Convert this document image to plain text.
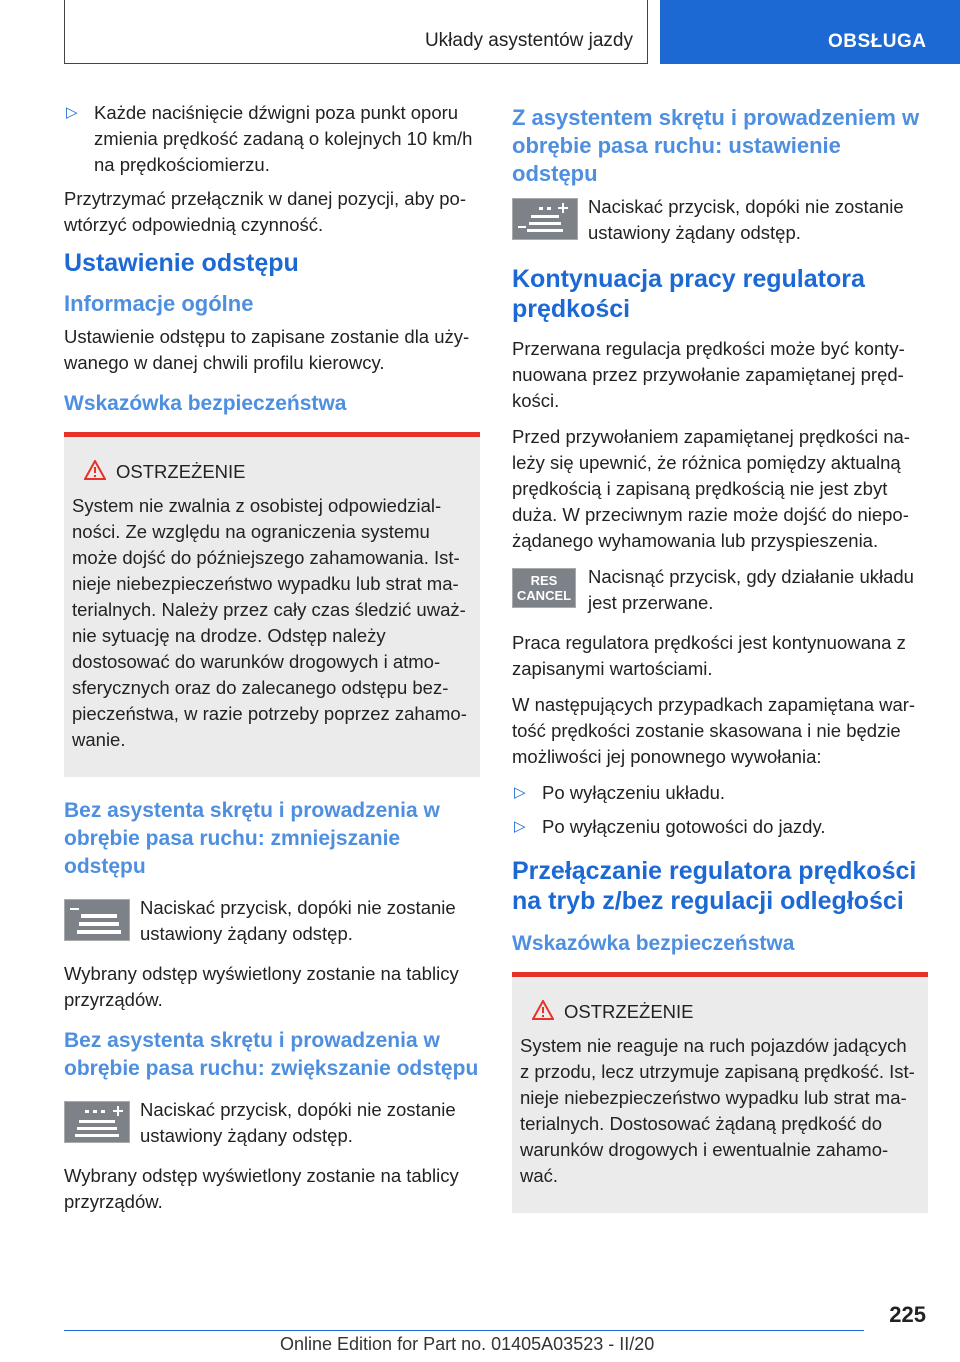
Układy asystentów jazdy	OBSŁUGA
▷ Każde naciśnięcie dźwigni poza punkt oporu zmienia prędkość zadaną o kolejnych 10 km/h na prędkościomierzu.

Przytrzymać przełącznik w danej pozycji, aby po- wtórzyć odpowiednią czynność.

Ustawienie odstępu
Informacje ogólne

Ustawienie odstępu to zapisane zostanie dla uży- wanego w danej chwili profilu kierowcy.

Wskazówka bezpieczeństwa
OSTRZEŻENIE

System nie zwalnia z osobistej odpowiedzial- ności. Ze względu na ograniczenia systemu może dojść do późniejszego zahamowania. Ist- nieje niebezpieczeństwo wypadku lub strat ma- terialnych. Należy przez cały czas śledzić uważ- nie sytuację na drodze. Odstęp należy dostosować do warunków drogowych i atmo- sferycznych oraz do zalecanego odstępu bez- pieczeństwa, w razie potrzeby poprzez zahamo- wanie.

Bez asystenta skrętu i prowadzenia w obrębie pasa ruchu: zmniejszanie odstępu

Naciskać przycisk, dopóki nie zostanie ustawiony żądany odstęp.

Wybrany odstęp wyświetlony zostanie na tablicy przyrządów.

Bez asystenta skrętu i prowadzenia w obrębie pasa ruchu: zwiększanie odstępu

Naciskać przycisk, dopóki nie zostanie ustawiony żądany odstęp.

Wybrany odstęp wyświetlony zostanie na tablicy przyrządów.

Z asystentem skrętu i prowadzeniem w obrębie pasa ruchu: ustawienie odstępu

Naciskać przycisk, dopóki nie zostanie ustawiony żądany odstęp.

Kontynuacja pracy regulatora prędkości

Przerwana regulacja prędkości może być konty- nuowana przez przywołanie zapamiętanej pręd- kości.

Przed przywołaniem zapamiętanej prędkości na- leży się upewnić, że różnica pomiędzy aktualną prędkością i zapisaną prędkością nie jest zbyt duża. W przeciwnym razie może dojść do niepo- żądanego wyhamowania lub przyspieszenia.

RES
CANCEL

Nacisnąć przycisk, gdy działanie układu jest przerwane.

Praca regulatora prędkości jest kontynuowana z zapisanymi wartościami.

W następujących przypadkach zapamiętana war- tość prędkości zostanie skasowana i nie będzie możliwości jej ponownego wywołania:

▷ Po wyłączeniu układu.
▷ Po wyłączeniu gotowości do jazdy.
Przełączanie regulatora prędkości na tryb z/bez regulacji odległości
Wskazówka bezpieczeństwa
OSTRZEŻENIE

System nie reaguje na ruch pojazdów jadących z przodu, lecz utrzymuje zapisaną prędkość. Ist- nieje niebezpieczeństwo wypadku lub strat ma- terialnych. Dostosować żądaną prędkość do warunków drogowych i ewentualnie zahamo- wać.

225
Online Edition for Part no. 01405A03523 - II/20
